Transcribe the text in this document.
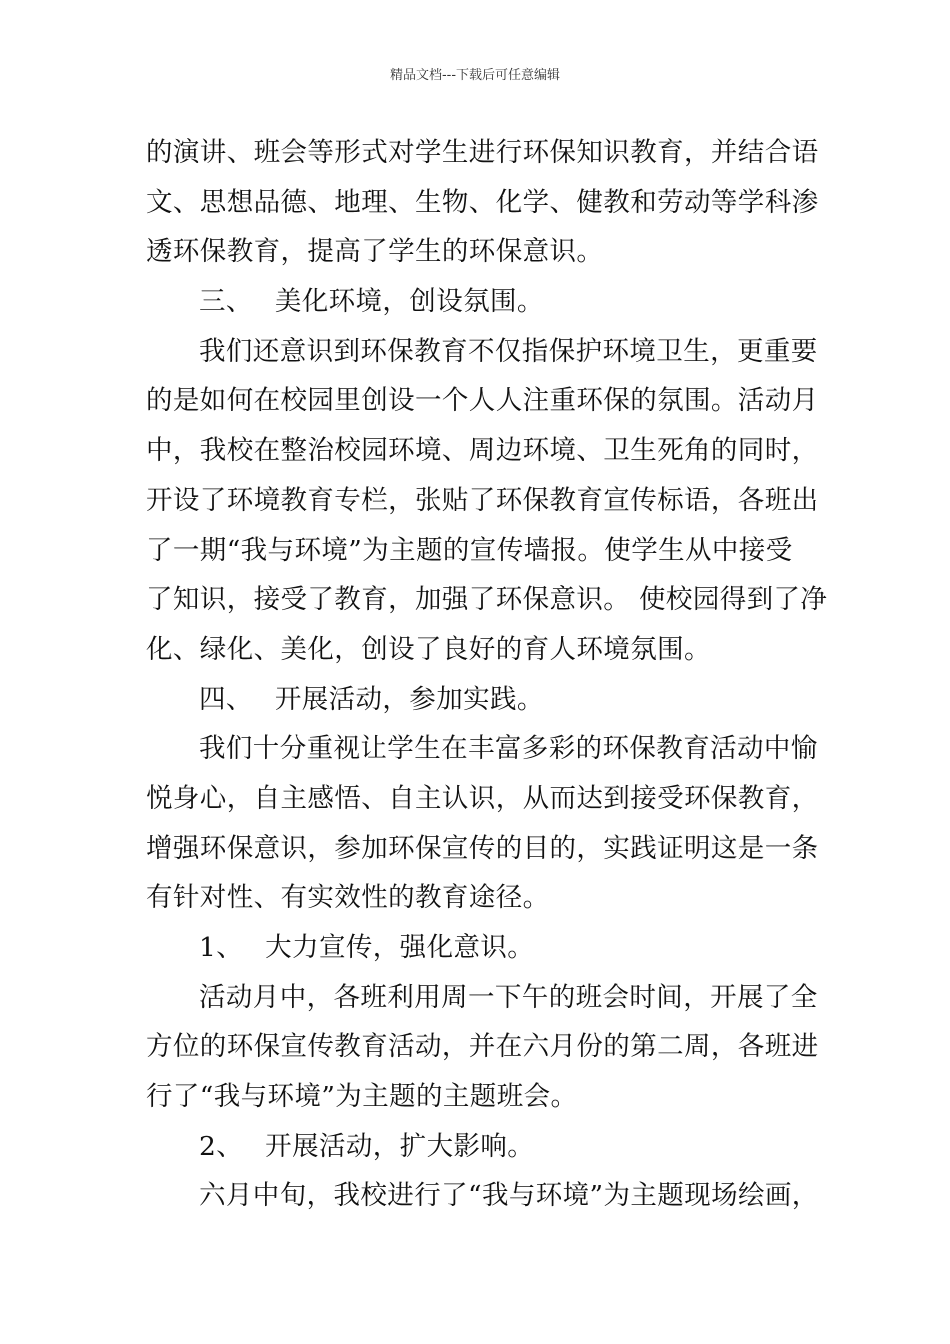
精品文档---下载后可任意编辑
的演讲、班会等形式对学生进行环保知识教育，并结合语
文、思想品德、地理、生物、化学、健教和劳动等学科渗
透环保教育，提高了学生的环保意识。
三、 美化环境，创设氛围。
我们还意识到环保教育不仅指保护环境卫生，更重要
的是如何在校园里创设一个人人注重环保的氛围。活动月
中，我校在整治校园环境、周边环境、卫生死角的同时，
开设了环境教育专栏，张贴了环保教育宣传标语，各班出
了一期“我与环境”为主题的宣传墙报。使学生从中接受
了知识，接受了教育，加强了环保意识。 使校园得到了净
化、绿化、美化，创设了良好的育人环境氛围。
四、 开展活动，参加实践。
我们十分重视让学生在丰富多彩的环保教育活动中愉
悦身心，自主感悟、自主认识，从而达到接受环保教育，
增强环保意识，参加环保宣传的目的，实践证明这是一条
有针对性、有实效性的教育途径。
1、 大力宣传，强化意识。
活动月中，各班利用周一下午的班会时间，开展了全
方位的环保宣传教育活动，并在六月份的第二周，各班进
行了“我与环境”为主题的主题班会。
2、 开展活动，扩大影响。
六月中旬，我校进行了“我与环境”为主题现场绘画，
